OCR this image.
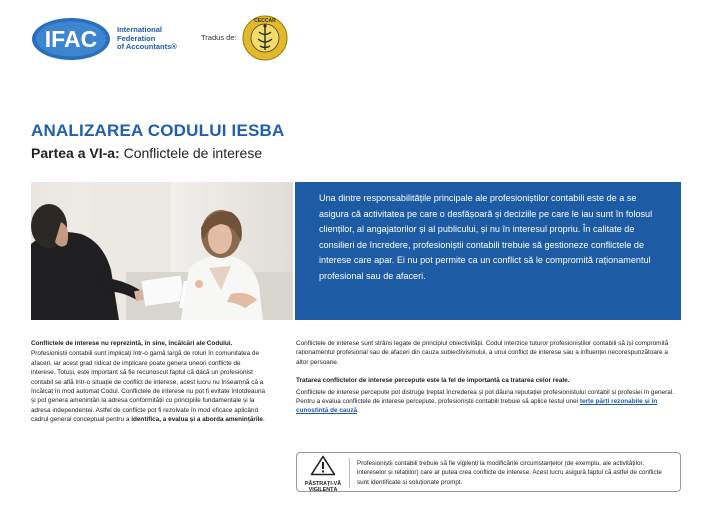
IFAC	International
Federation
of Accountants®
Tradus de:
CECCAR
ANALIZAREA CODULUI IESBA
Partea a VI-a: Conflictele de interese

Una dintre responsabilitățile principale ale profesioniștilor contabili este de a se asigura că activitatea pe care o desfășoară și deciziile pe care le iau sunt în folosul clienților, al angajatorilor și al publicului, și nu în interesul propriu. În calitate de consilieri de încredere, profesioniștii contabili trebuie să gestioneze conflictele de interese care apar. Ei nu pot permite ca un conflict să le compromită raționamentul profesional sau de afaceri.

Conflictele de interese nu reprezintă, în sine, încălcări ale Codului.
Profesioniștii contabili sunt implicați într-o gamă largă de roluri în comunitatea de afaceri, iar acest grad ridicat de implicare poate genera uneori conflicte de interese. Totuși, este important să fie recunoscut faptul că dacă un profesionist contabil se află într-o situație de conflict de interese, acest lucru nu înseamnă că a încălcat în mod automat Codul. Conflictele de interese nu pot fi evitate întotdeauna și pot genera amenințări la adresa conformității cu principiile fundamentale și la adresa independenței. Astfel de conflicte pot fi rezolvate în mod eficace aplicând cadrul general conceptual pentru a identifica, a evalua și a aborda amenințările.
Conflictele de interese sunt strâns legate de principiul obiectivității. Codul interzice tuturor profesioniștilor contabili să își compromită raționamentul profesional sau de afaceri din cauza subiectivismului, a unui conflict de interese sau a influenței necorespunzătoare a altor persoane.
Tratarea conflictelor de interese percepute este la fel de importantă ca tratarea celor reale.
Conflictele de interese percepute pot distruge treptat încrederea și pot dăuna reputației profesionistului contabil și profesiei în general. Pentru a evalua conflictele de interese percepute, profesioniștii contabili trebuie să aplice testul unei terțe părți rezonabile și în cunoștință de cauză.
PĂSTRAȚI-VĂ
VIGILENȚA
Profesioniștii contabili trebuie să fie vigilenți la modificările circumstanțelor (de exemplu, ale activităților, intereselor și relațiilor) care ar putea crea conflicte de interese. Acest lucru asigură faptul că astfel de conflicte sunt identificate și soluționate prompt.
